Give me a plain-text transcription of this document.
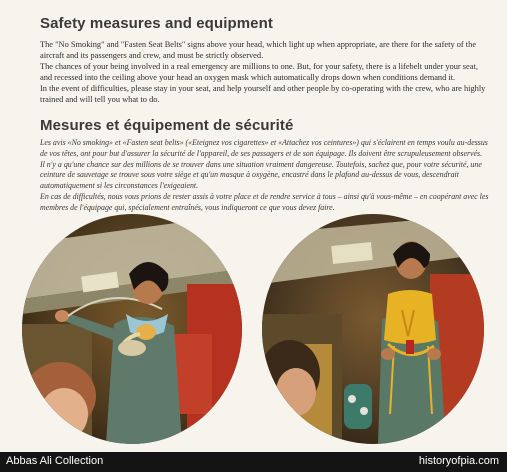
Safety measures and equipment

The "No Smoking" and "Fasten Seat Belts" signs above your head, which light up when appropriate, are there for the safety of the aircraft and its passengers and crew, and must be strictly observed.

The chances of your being involved in a real emergency are millions to one. But, for your safety, there is a lifebelt under your seat, and recessed into the ceiling above your head an oxygen mask which automatically drops down when conditions demand it.

In the event of difficulties, please stay in your seat, and help yourself and other people by co-operating with the crew, who are highly trained and will tell you what to do.

Mesures et équipement de sécurité

Les avis «No smoking» et «Fasten seat belts» («Eteignez vos cigarettes» et «Attachez vos ceintures») qui s'éclairent en temps voulu au-dessus de vos têtes, ont pour but d'assurer la sécurité de l'appareil, de ses passagers et de son équipage. Ils doivent être scrupuleusement observés.

Il n'y a qu'une chance sur des millions de se trouver dans une situation vraiment dangereuse. Toutefois, sachez que, pour votre sécurité, une ceinture de sauvetage se trouve sous votre siège et qu'un masque à oxygène, encastré dans le plafond au-dessus de vous, descendrait automatiquement si les circonstances l'exigeaient.

En cas de difficultés, nous vous prions de rester assis à votre place et de rendre service à tous – ainsi qu'à vous-même – en coopérant avec les membres de l'équipage qui, spécialement entraînés, vous indiqueront ce que vous devez faire.

Abbas Ali Collection	historyofpia.com
